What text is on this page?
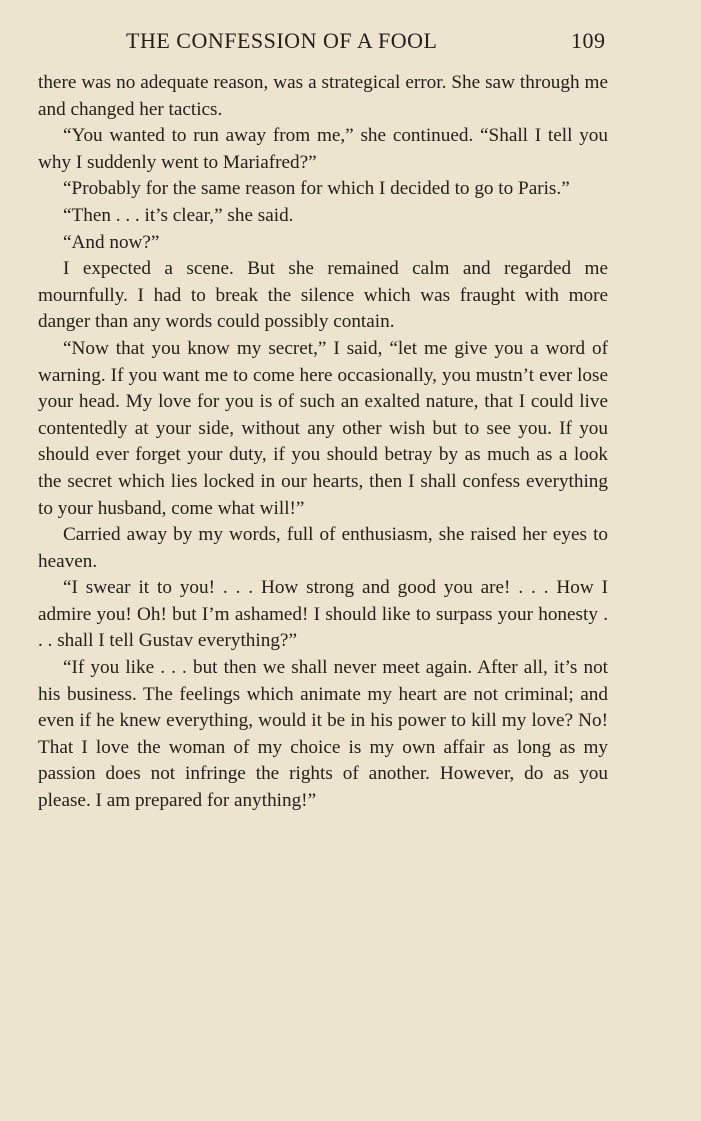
THE CONFESSION OF A FOOL	109

there was no adequate reason, was a strategical error. She saw through me and changed her tactics.

“You wanted to run away from me,” she continued. “Shall I tell you why I suddenly went to Mariafred?”

“Probably for the same reason for which I decided to go to Paris.”

“Then . . . it’s clear,” she said.

“And now?”

I expected a scene. But she remained calm and regarded me mournfully. I had to break the silence which was fraught with more danger than any words could possibly contain.

“Now that you know my secret,” I said, “let me give you a word of warning. If you want me to come here occasionally, you mustn’t ever lose your head. My love for you is of such an exalted nature, that I could live contentedly at your side, without any other wish but to see you. If you should ever forget your duty, if you should betray by as much as a look the secret which lies locked in our hearts, then I shall confess everything to your husband, come what will!”

Carried away by my words, full of enthusiasm, she raised her eyes to heaven.

“I swear it to you! . . . How strong and good you are! . . . How I admire you! Oh! but I’m ashamed! I should like to surpass your honesty . . . shall I tell Gustav everything?”

“If you like . . . but then we shall never meet again. After all, it’s not his business. The feelings which animate my heart are not criminal; and even if he knew everything, would it be in his power to kill my love? No! That I love the woman of my choice is my own affair as long as my passion does not infringe the rights of another. However, do as you please. I am prepared for anything!”
